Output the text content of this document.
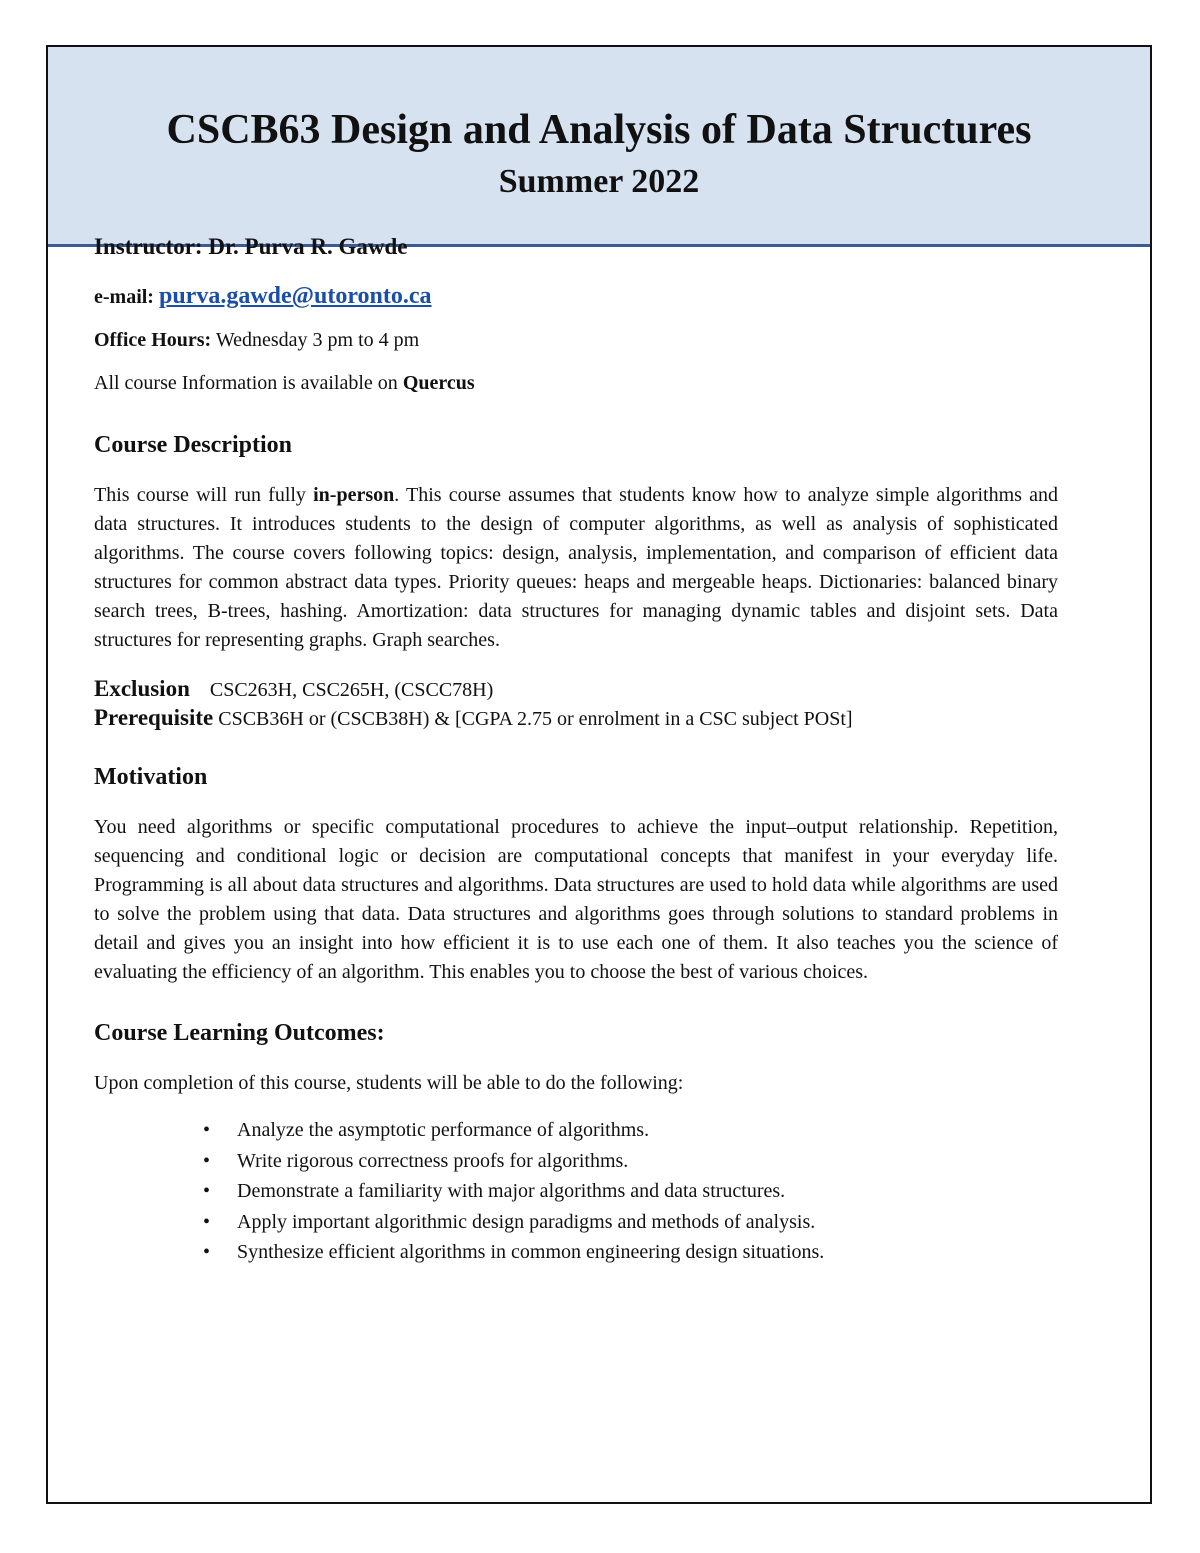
CSCB63 Design and Analysis of Data Structures
Summer 2022

Instructor: Dr. Purva R. Gawde

e-mail: purva.gawde@utoronto.ca

Office Hours: Wednesday 3 pm to 4 pm

All course Information is available on Quercus

Course Description

This course will run fully in-person. This course assumes that students know how to analyze simple algorithms and data structures. It introduces students to the design of computer algorithms, as well as analysis of sophisticated algorithms. The course covers following topics: design, analysis, implementation, and comparison of efficient data structures for common abstract data types. Priority queues: heaps and mergeable heaps. Dictionaries: balanced binary search trees, B-trees, hashing. Amortization: data structures for managing dynamic tables and disjoint sets. Data structures for representing graphs. Graph searches.

Exclusion CSC263H, CSC265H, (CSCC78H)

Prerequisite CSCB36H or (CSCB38H) & [CGPA 2.75 or enrolment in a CSC subject POSt]

Motivation

You need algorithms or specific computational procedures to achieve the input–output relationship. Repetition, sequencing and conditional logic or decision are computational concepts that manifest in your everyday life. Programming is all about data structures and algorithms. Data structures are used to hold data while algorithms are used to solve the problem using that data. Data structures and algorithms goes through solutions to standard problems in detail and gives you an insight into how efficient it is to use each one of them. It also teaches you the science of evaluating the efficiency of an algorithm. This enables you to choose the best of various choices.

Course Learning Outcomes:

Upon completion of this course, students will be able to do the following:

• Analyze the asymptotic performance of algorithms.
• Write rigorous correctness proofs for algorithms.
• Demonstrate a familiarity with major algorithms and data structures.
• Apply important algorithmic design paradigms and methods of analysis.
• Synthesize efficient algorithms in common engineering design situations.
